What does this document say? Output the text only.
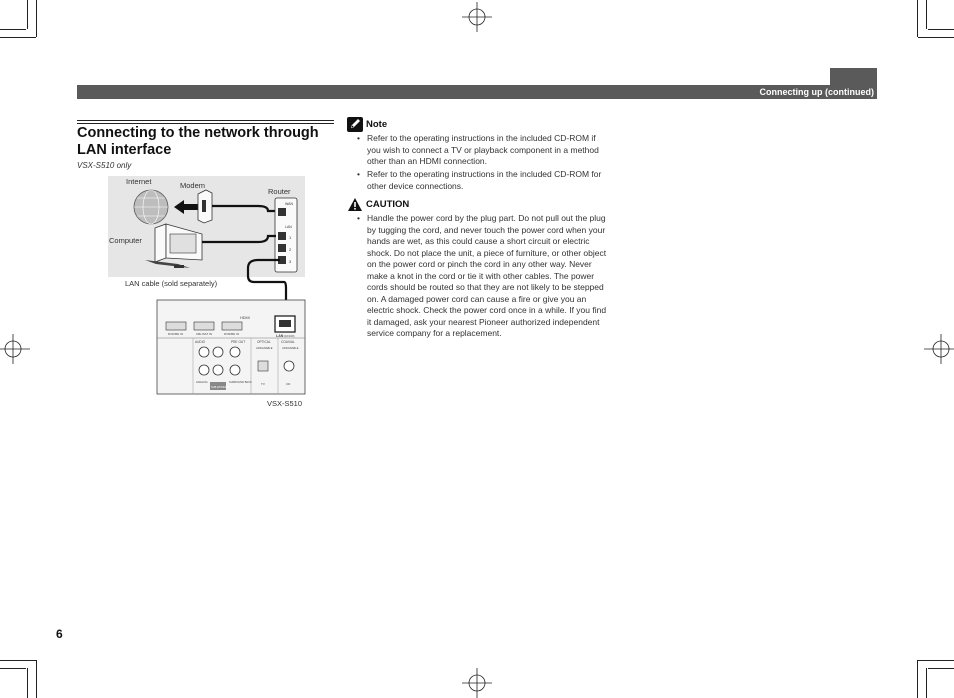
Connecting up (continued)
Connecting to the network through LAN interface
VSX-S510 only
Internet	Modem
Router
Computer
LAN cable (sold separately)
VSX-S510
WAN
LAN
1
2
3
HDMI
DVD/BD IN	CBL/SAT IN	DVR/BD IN
AUDIO	PRE OUT	OPTICAL	COAXIAL
ASSIGNABLE	ASSIGNABLE
TV	CD
LAN (10/100)
ANALOG
SUB WOOFER
SURROUND BACK
Note
• Refer to the operating instructions in the included CD-ROM if you wish to connect a TV or playback component in a method other than an HDMI connection.
• Refer to the operating instructions in the included CD-ROM for other device connections.
CAUTION
• Handle the power cord by the plug part. Do not pull out the plug by tugging the cord, and never touch the power cord when your hands are wet, as this could cause a short circuit or electric shock. Do not place the unit, a piece of furniture, or other object on the power cord or pinch the cord in any other way. Never make a knot in the cord or tie it with other cables. The power cords should be routed so that they are not likely to be stepped on. A damaged power cord can cause a fire or give you an electric shock. Check the power cord once in a while. If you find it damaged, ask your nearest Pioneer authorized independent service company for a replacement.
6
